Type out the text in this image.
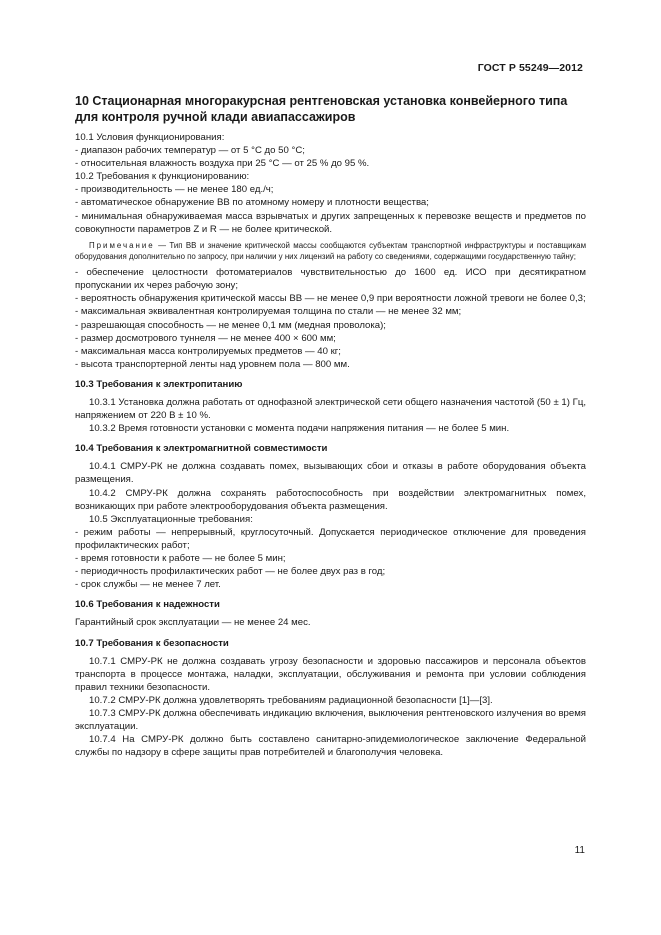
ГОСТ Р 55249—2012
10 Стационарная многоракурсная рентгеновская установка конвейерного типа для контроля ручной клади авиапассажиров

10.1 Условия функционирования:

- диапазон рабочих температур — от 5 °С до 50 °С;

- относительная влажность воздуха при 25 °С — от 25 % до 95 %.

10.2 Требования к функционированию:

- производительность — не менее 180 ед./ч;

- автоматическое обнаружение ВВ по атомному номеру и плотности вещества;

- минимальная обнаруживаемая масса взрывчатых и других запрещенных к перевозке веществ и предметов по совокупности параметров Z и R — не более критической.

Примечание — Тип ВВ и значение критической массы сообщаются субъектам транспортной инфраструктуры и поставщикам оборудования дополнительно по запросу, при наличии у них лицензий на работу со сведениями, содержащими государственную тайну;

- обеспечение целостности фотоматериалов чувствительностью до 1600 ед. ИСО при десятикратном пропускании их через рабочую зону;

- вероятность обнаружения критической массы ВВ — не менее 0,9 при вероятности ложной тревоги не более 0,3;

- максимальная эквивалентная контролируемая толщина по стали — не менее 32 мм;

- разрешающая способность — не менее 0,1 мм (медная проволока);

- размер досмотрового туннеля — не менее 400 × 600 мм;

- максимальная масса контролируемых предметов — 40 кг;

- высота транспортерной ленты над уровнем пола — 800 мм.

10.3 Требования к электропитанию

10.3.1 Установка должна работать от однофазной электрической сети общего назначения частотой (50 ± 1) Гц, напряжением от 220 В ± 10 %.

10.3.2 Время готовности установки с момента подачи напряжения питания — не более 5 мин.

10.4 Требования к электромагнитной совместимости

10.4.1 СМРУ-РК не должна создавать помех, вызывающих сбои и отказы в работе оборудования объекта размещения.

10.4.2 СМРУ-РК должна сохранять работоспособность при воздействии электромагнитных помех, возникающих при работе электрооборудования объекта размещения.

10.5 Эксплуатационные требования:

- режим работы — непрерывный, круглосуточный. Допускается периодическое отключение для проведения профилактических работ;

- время готовности к работе — не более 5 мин;

- периодичность профилактических работ — не более двух раз в год;

- срок службы — не менее 7 лет.

10.6 Требования к надежности

Гарантийный срок эксплуатации — не менее 24 мес.

10.7 Требования к безопасности

10.7.1 СМРУ-РК не должна создавать угрозу безопасности и здоровью пассажиров и персонала объектов транспорта в процессе монтажа, наладки, эксплуатации, обслуживания и ремонта при условии соблюдения правил техники безопасности.

10.7.2 СМРУ-РК должна удовлетворять требованиям радиационной безопасности [1]—[3].

10.7.3 СМРУ-РК должна обеспечивать индикацию включения, выключения рентгеновского излучения во время эксплуатации.

10.7.4 На СМРУ-РК должно быть составлено санитарно-эпидемиологическое заключение Федеральной службы по надзору в сфере защиты прав потребителей и благополучия человека.

11
